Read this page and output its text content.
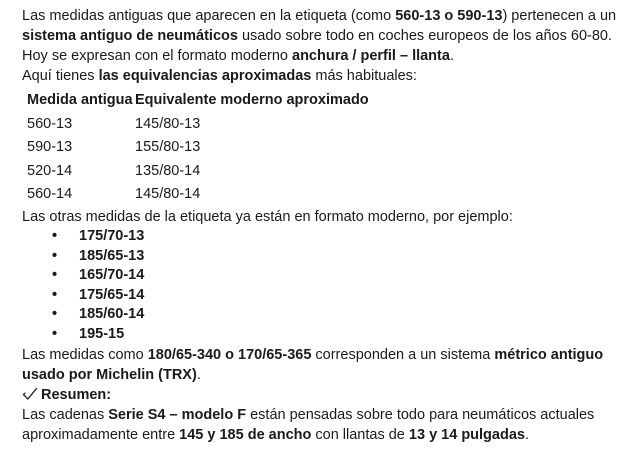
Las medidas antiguas que aparecen en la etiqueta (como 560-13 o 590-13) pertenecen a un sistema antiguo de neumáticos usado sobre todo en coches europeos de los años 60-80. Hoy se expresan con el formato moderno anchura / perfil – llanta.

Aquí tienes las equivalencias aproximadas más habituales:

Medida antigua	Equivalente moderno aproximado
560-13	145/80-13
590-13	155/80-13
520-14	135/80-14
560-14	145/80-14

Las otras medidas de la etiqueta ya están en formato moderno, por ejemplo:

• 175/70-13
• 185/65-13
• 165/70-14
• 175/65-14
• 185/60-14
• 195-15

Las medidas como 180/65-340 o 170/65-365 corresponden a un sistema métrico antiguo usado por Michelin (TRX).

Resumen:

Las cadenas Serie S4 – modelo F están pensadas sobre todo para neumáticos actuales aproximadamente entre 145 y 185 de ancho con llantas de 13 y 14 pulgadas.
